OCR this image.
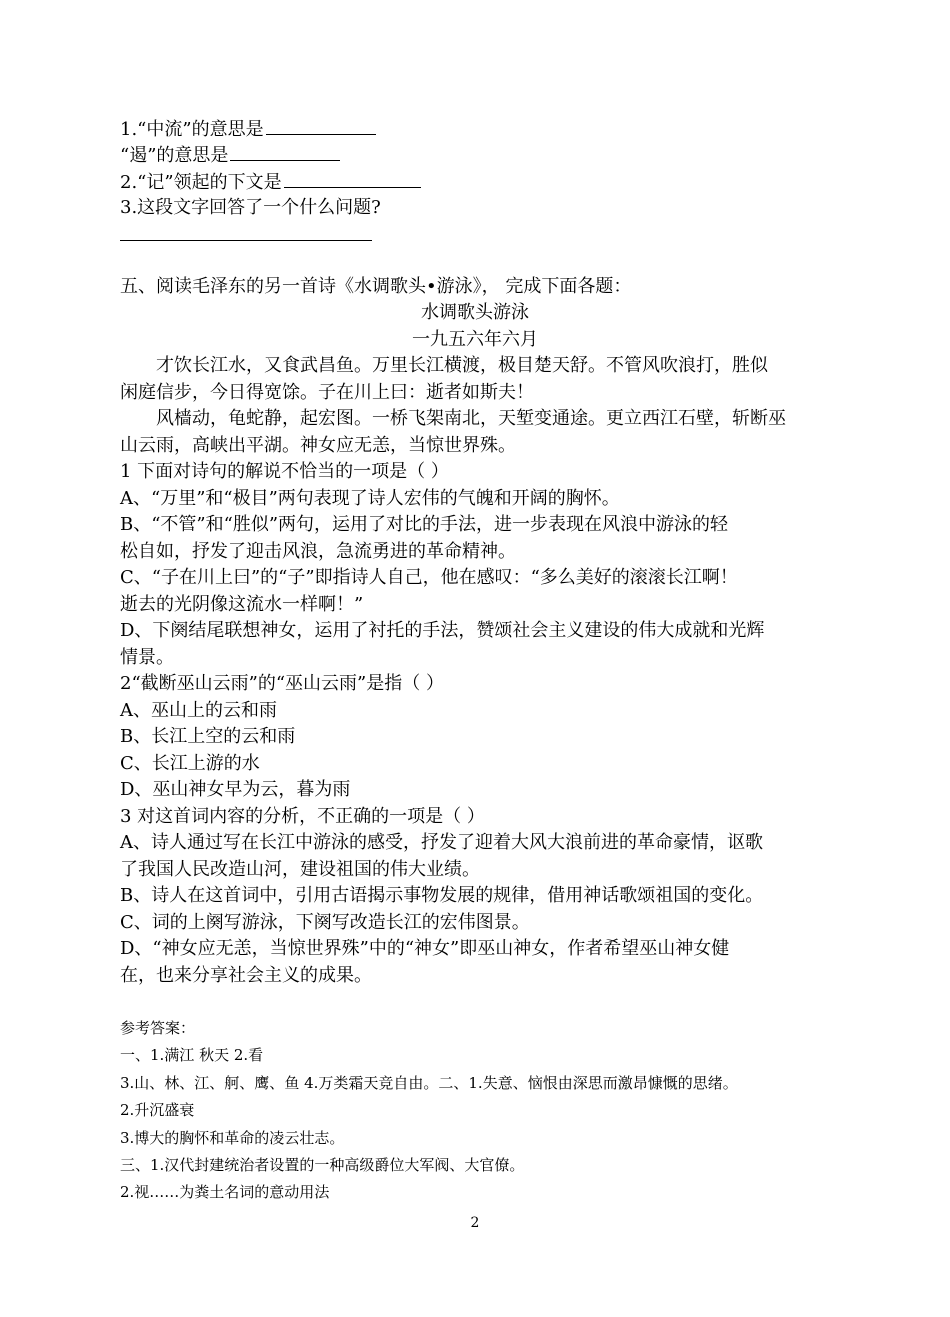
1.“中流”的意思是
“遏”的意思是
2.“记”领起的下文是
3.这段文字回答了一个什么问题?
五、阅读毛泽东的另一首诗《水调歌头•游泳》， 完成下面各题：
水调歌头游泳
一九五六年六月
才饮长江水，又食武昌鱼。万里长江横渡，极目楚天舒。不管风吹浪打，胜似
闲庭信步，今日得宽馀。子在川上曰：逝者如斯夫！
风樯动，龟蛇静，起宏图。一桥飞架南北，天堑变通途。更立西江石壁，斩断巫
山云雨，高峡出平湖。神女应无恙，当惊世界殊。
1 下面对诗句的解说不恰当的一项是（ ）
A、“万里”和“极目”两句表现了诗人宏伟的气魄和开阔的胸怀。
B、“不管”和“胜似”两句，运用了对比的手法，进一步表现在风浪中游泳的轻
松自如，抒发了迎击风浪，急流勇进的革命精神。
C、“子在川上曰”的“子”即指诗人自己，他在感叹：“多么美好的滚滚长江啊！
逝去的光阴像这流水一样啊！”
D、下阕结尾联想神女，运用了衬托的手法，赞颂社会主义建设的伟大成就和光辉
情景。
2“截断巫山云雨”的“巫山云雨”是指（ ）
A、巫山上的云和雨
B、长江上空的云和雨
C、长江上游的水
D、巫山神女早为云，暮为雨
3 对这首词内容的分析，不正确的一项是（ ）
A、诗人通过写在长江中游泳的感受，抒发了迎着大风大浪前进的革命豪情，讴歌
了我国人民改造山河，建设祖国的伟大业绩。
B、诗人在这首词中，引用古语揭示事物发展的规律，借用神话歌颂祖国的变化。
C、词的上阕写游泳，下阕写改造长江的宏伟图景。
D、“神女应无恙，当惊世界殊”中的“神女”即巫山神女，作者希望巫山神女健
在，也来分享社会主义的成果。
参考答案：
一、1.满江 秋天 2.看
3.山、林、江、舸、鹰、鱼 4.万类霜天竞自由。二、1.失意、恼恨由深思而激昂慷慨的思绪。
2.升沉盛衰
3.博大的胸怀和革命的凌云壮志。
三、1.汉代封建统治者设置的一种高级爵位大军阀、大官僚。
2.视……为粪土名词的意动用法
2
